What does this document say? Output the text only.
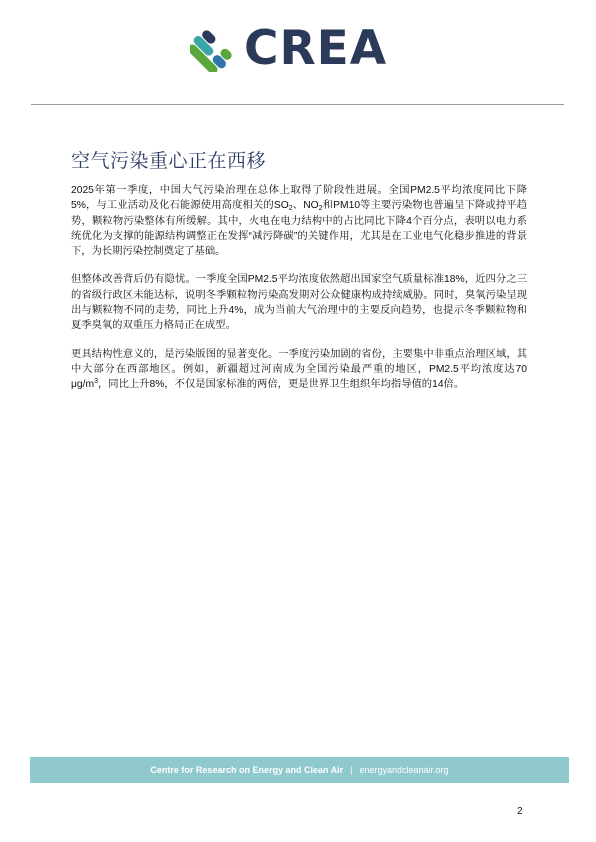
CREA
空气污染重心正在西移

2025年第一季度，中国大气污染治理在总体上取得了阶段性进展。全国PM2.5平均浓度同比下降5%，与工业活动及化石能源使用高度相关的$SO_2$、$NO_2$和PM10等主要污染物也普遍呈下降或持平趋势，颗粒物污染整体有所缓解。其中，火电在电力结构中的占比同比下降4个百分点，表明以电力系统优化为支撑的能源结构调整正在发挥“减污降碳”的关键作用，尤其是在工业电气化稳步推进的背景下，为长期污染控制奠定了基础。

但整体改善背后仍有隐忧。一季度全国PM2.5平均浓度依然超出国家空气质量标准18%，近四分之三的省级行政区未能达标，说明冬季颗粒物污染高发期对公众健康构成持续威胁。同时，臭氧污染呈现出与颗粒物不同的走势，同比上升4%，成为当前大气治理中的主要反向趋势，也提示冬季颗粒物和夏季臭氧的双重压力格局正在成型。

更具结构性意义的，是污染版图的显著变化。一季度污染加剧的省份，主要集中非重点治理区域，其中大部分在西部地区。例如，新疆超过河南成为全国污染最严重的地区，PM2.5平均浓度达70 $\mu g/m^3$，同比上升8%，不仅是国家标准的两倍，更是世界卫生组织年均指导值的14倍。

Centre for Research on Energy and Clean Air | energyandcleanair.org
2
